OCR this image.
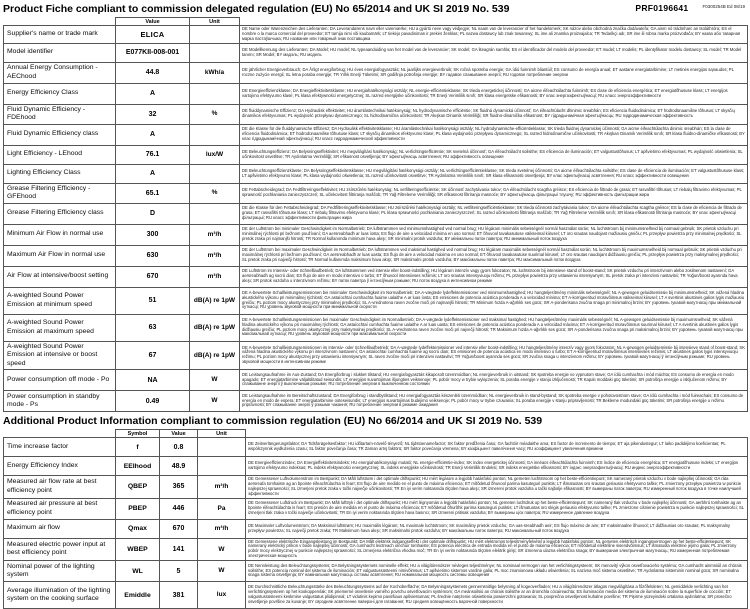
Product Fiche compliant to commission delegated regulation (EU) No 65/2014 and UK SI 2019 No. 539	PRF0196641	F0300254B Ed 08/19
	Value	Unit	
Supplier's name or trade mark	ELICA		DE Name oder Warenzeichen des Lieferanten; DA Leverandørens navn eller varemærke; HU a gyártó neve vagy védjegye; NL naam van de leverancier of het handelsmerk; SK názov alebo obchodná značka dodávateľa; GA ainm nó trádmharc an tsoláthróra; ES el nombre o la marca comercial del proveedor; ET tarnija nimi või kaubamärk; LT tiekėjo pavadinimas ir prekės ženklas; PL nazwa dostawcy lub znak towarowy; SL ime ali znamka proizvajalca; TR Tedarikçi adı; SR ime ili robna marka proizvođača; BY назва або таварная марка пастаўшчыка; RU название или товарный знак поставщика
Model identifier	E077KII-008-001		DE Modellkennung des Lieferanten; DA Model; HU model; NL typeaanduiding van het model van de leverancier; SK model; GA liteagrán samhla; ES el identificador del modelo del proveedor; ET mudel; LT modelis; PL identyfikator modelu dostawcy; SL model; TR Model tanımı; SR Model; BY мадэль; RU модель
Annual Energy Consumption - AEChood	44.8	kWh/a	DE jährlicher Energieverbrauch; DA Årligt energiforbrug; HU éves energiafogyasztás; NL jaarlijks energieverbruik; SK ročná spotreba energie; GA ídiú fuinnimh bliantúil; ES consumo de energía anual; ET aastane energiatarbimine; LT metinės energijos sąnaudos; PL roczne zużycie energii; SL letna poraba energije; TR Yıllık Enerji Tüketimi; SR godišnja potrošnja energije; BY гадавое спажыванне энергіі; RU годовое потребление энергии
Energy Efficiency Class	A		DE Energieeffizienzklasse; DA Energieffektivitetsklasse; HU energiahatékonysági osztály; NL energie-efficiëntieklasse; SK trieda energetickej účinnosti; GA aicme éifeachtúlachta fuinnimh; ES clase de eficiencia energética; ET energiatõhususe klass; LT energijos vartojimo efektyvumo klasė; PL klasa efektywności energetycznej; SL razred energijske učinkovitosti; TR Enerji Verimlilik sınıfı; SR klasa energetske efikasnosti; BY клас энергаэфектыўнасці; RU класс энергоэффективности
Fluid Dynamic Efficiency - FDEhood	32	%	DE fluiddynamische Effizienz; DA Hydraulisk effektivitet; HU áramlástechnikai hatékonyság; NL hydrodynamische efficiëntie; SK fluidná dynamická účinnosť; GA éifeachtúlacht dhinimic sreabhán; ES eficiencia fluidodinámica; ET hüdrodünaamiline tõhusus; LT skysčių dinamikos efektyvumas; PL wydajność przepływu dynamicznego; SL hidrodinamična učinkovitost; TR Akışkan Dinamik Verimliliği; SR fluidno-dinamička efikasnost; BY гідрадынамічная эфектыўнасць; RU гидродинамическая эффективность
Fluid Dynamic Efficiency class	A		DE die Klasse für die fluiddynamische Effizienz; DA Hydraulisk effektivitetsklasse; HU áramlástechnikai hatékonysági osztály; NL hydrodynamische-efficiëntieklasse; SK trieda fluidnej dynamickej účinnosti; GA aicme éifeachtúlachta dinimic sreabhán; ES la clase de eficiencia fluidodinámica; ET hüdrodünaamilise tõhususe klass; LT skysčių dinamikos efektyvumo klasė; PL klasa wydajności przepływu dynamicznego; SL razred hidrodinamične učinkovitosti; TR Akışkan Dinamik Verimlilik sınıfı; SR klasa fluidno-dinamičke efikasnosti; BY клас гідрадынамічнай эфектыўнасці; RU класс гидродинамической эффективности
Light Efficiency - LEhood	76.1	lux/W	DE Beleuchtungseffizienz; DA Belysningseffektivitet; HU megvilágítási hatékonyság; NL verlichtingsefficiëntie; SK svetelná účinnosť; GA éifeachtúlacht soilsithe; ES eficiencia de iluminación; ET valgustustõhusus; LT apšvietimo efektyvumas; PL wydajność oświetlenia; SL učinkovitost osvetlitve; TR Aydınlatma Verimliliği; SR efikasnost osvetljenja; BY эфектыўнасць асвятлення; RU эффективность освещения
Lighting Efficiency Class	A		DE Beleuchtungseffizienzklasse; DA Belysningseffektivitetsklasse; HU megvilágítási hatékonysági osztály; NL verlichtingsefficiëntieklasse; SK trieda svetelnej účinnosti; GA aicme éifeachtúlachta soilsithe; ES clase de eficiencia de iluminación; ET valgustustõhususe klass; LT apšvietimo efektyvumo klasė; PL klasa wydajności oświetlenia; SL razred učinkovitosti osvetlitve; TR Aydınlatma Verimlilik sınıfı; SR klasa efikasnosti osvetljenja; BY клас эфектыўнасці асвятлення; RU класс эффективности освещения
Grease Filtering Efficiency - GFEhood	65.1	%	DE Fettabscheidegrad; DA Fedtfiltreringseffektivitet; HU zsírszűrési hatékonyság; NL vetfilteringsefficiëntie; SK účinnosť zachytávania tukov; GA éifeachtúlacht scagtha gréisce; ES eficiencia de filtrado de grasa; ET rasvafiltri tõhusus; LT riebalų filtravimo efektyvumas; PL sprawność pochłaniania zanieczyszczeń; SL učinkovitost filtriranja maščob; TR Yağ Filtreleme Verimliliği; SR efikasnost filtriranja masnoće; BY эфектыўнасць фільтрацыі тлушчу; RU эффективность фильтрации жира
Grease Filtering Efficiency class	D		DE die Klasse für den Fettabscheidegrad; DA Fedtfiltreringseffektivitetsklasse; HU zsírszűrési hatékonysági osztály; NL vetfilteringsefficiëntieklasse; SK trieda účinnosti zachytávania tukov; GA aicme éifeachtúlachta scagtha gréisce; ES la clase de eficiencia de filtrado de grasa; ET rasvafiltri tõhususe klass; LT riebalų filtravimo efektyvumo klasė; PL klasa sprawności pochłaniania zanieczyszczeń; SL razred učinkovitosti filtriranja maščob; TR Yağ Filtreleme Verimlilik sınıfı; SR klasa efikasnosti filtriranja masnoće; BY клас эфектыўнасці фільтрацыі; RU класс эффективности фильтрации жира
Minimum Air Flow in normal use	300	m³/h	DE der Luftstrom bei minimaler Geschwindigkeit im Normalbetrieb; DA luftstrømmen ved minimumshastighed ved normal brug; HU légáram minimális sebességnél normál használat során; NL luchtstroom bij minimumsnelheid bij normaal gebruik; SK prietok vzduchu pri minimálnej rýchlosti pri bežnom používaní; GA aersreabhadh ar luas íosta; ES flujo de aire a velocidad mínima en uso normal; ET õhuvool tavakasutuse väikseimal kiirusel; LT oro srautas naudojant mažiausiu greičiu; PL przepływ powietrza przy minimalnej prędkości; SL pretok zraka pri najmanjši hitrosti; TR Normal kullanımda minimum hava akışı; SR minimalni protok vazduha; BY мінімальны паток паветра; RU минимальный поток воздуха
Maximum Air Flow in normal use	630	m³/h	DE der Luftstrom bei maximaler Geschwindigkeit im Normalbetrieb; DA luftstrømmen ved maksimal hastighed ved normal brug; HU légáram maximális sebességnél normál használat során; NL luchtstroom bij maximumsnelheid bij normaal gebruik; SK prietok vzduchu pri maximálnej rýchlosti pri bežnom používaní; GA aersreabhadh ar luas uasta; ES flujo de aire a velocidad máxima en uso normal; ET õhuvool tavakasutuse suurimal kiirusel; LT oro srautas naudojant didžiausiu greičiu; PL przepływ powietrza przy maksymalnej prędkości; SL pretok zraka pri največji hitrosti; TR Normal kullanımda maksimum hava akışı; SR maksimalni protok vazduha; BY максімальны паток паветра; RU максимальный поток воздуха
Air Flow at intensive/boost setting	670	m³/h	DE Luftstrom im Intensiv- oder Schnelllaufbetrieb; DA luftstrømmen ved intensiv eller boost-indstilling; HU légáram intenzív vagy gyors fokozaton; NL luchtstroom bij intensieve stand of boost-stand; SK prietok vzduchu pri intenzívnom alebo zosilnenom nastavení; GA aersreabhadh ag socrú dian; ES flujo de aire en modo intensivo o turbo; ET õhuvool intensiivses režiimis; LT oro srautas intensyviuoju režimu; PL przepływ powietrza przy ustawieniu intensywnym; SL pretok zraka pri intenzivni nastavitvi; TR Yoğun/boost ayarında hava akışı; SR protok vazduha u intenzivnom režimu; BY паток паветра ў інтэнсіўным рэжыме; RU поток воздуха в интенсивном режиме
A-weighted Sound Power Emission at minimum speed	51	dB(A) re 1pW	DE A-bewertete Schallleistungsemissionen bei minimaler Geschwindigkeit im Normalbetrieb; DA A-vægtede lydeffektemissioner ved minimumshastighed; HU hangteljesítmény minimális sebességnél; NL A-gewogen geluidsemissie bij minimumsnelheid; SK vážená hladina akustického výkonu pri minimálnej rýchlosti; GA astaíochtaí cumhachta fuaime ualaithe A ar luas íosta; ES emisiones de potencia acústica ponderada A a velocidad mínima; ET A-korrigeeritud müravõimsus väikseimal kiirusel; LT A svertinis akustinės galios lygis mažiausiu greičiu; PL poziom mocy akustycznej przy minimalnej prędkości; SL A-vrednotena raven zvočne moči pri najmanjši hitrosti; TR Minimum hızda A-ağırlıklı ses gücü; SR A-ponderisana zvučna snaga pri minimalnoj brzini; BY узровень гукавой магутнасці пры мінімальнай хуткасці; RU уровень звуковой мощности при минимальной скорости
A-weighted Sound Power Emission at maximum speed	63	dB(A) re 1pW	DE A-bewertete Schallleistungsemissionen bei maximaler Geschwindigkeit im Normalbetrieb; DA A-vægtede lydeffektemissioner ved maksimal hastighed; HU hangteljesítmény maximális sebességnél; NL A-gewogen geluidsemissie bij maximumsnelheid; SK vážená hladina akustického výkonu pri maximálnej rýchlosti; GA astaíochtaí cumhachta fuaime ualaithe A ar luas uasta; ES emisiones de potencia acústica ponderada A a velocidad máxima; ET A-korrigeeritud müravõimsus suurimal kiirusel; LT A svertinis akustinės galios lygis didžiausiu greičiu; PL poziom mocy akustycznej przy maksymalnej prędkości; SL A-vrednotena raven zvočne moči pri največji hitrosti; TR Maksimum hızda A-ağırlıklı ses gücü; SR A-ponderisana zvučna snaga pri maksimalnoj brzini; BY узровень гукавой магутнасці пры максімальнай хуткасці; RU уровень звуковой мощности при максимальной скорости
A-weighted Sound Power Emission at intensive or boost speed	67	dB(A) re 1pW	DE A-bewertete Schallleistungsemissionen im Intensiv- oder Schnelllaufbetrieb; DA A-vægtede lydeffektemissioner ved intensiv eller boost-indstilling; HU hangteljesítmény intenzív vagy gyors fokozaton; NL A-gewogen geluidsemissie bij intensieve stand of boost-stand; SK vážená hladina akustického výkonu pri intenzívnom nastavení; GA astaíochtaí cumhachta fuaime ag socrú dian; ES emisiones de potencia acústica en modo intensivo o turbo; ET A-korrigeeritud müravõimsus intensiivses režiimis; LT akustinės galios lygis intensyviuoju režimu; PL poziom mocy akustycznej przy ustawieniu intensywnym; SL raven zvočne moči pri intenzivni nastavitvi; TR Yoğun/boost ayarında ses gücü; SR zvučna snaga u intenzivnom režimu; BY узровень гукавой магутнасці ў інтэнсіўным рэжыме; RU уровень звуковой мощности в интенсивном режиме
Power consumption off mode - Po	NA	W	DE Leistungsaufnahme im Aus-Zustand; DA Energiforbrug i slukket tilstand; HU energiafogyasztás kikapcsolt üzemmódban; NL energieverbruik in uitstand; SK spotreba energie vo vypnutom stave; GA ídiú cumhachta i mód múchta; ES consumo de energía en modo apagado; ET energiatarbimine väljalülitatud seisundis; LT energijos suvartojimas išjungties veiksenoje; PL pobór mocy w trybie wyłączenia; SL poraba energije v stanju izključenosti; TR Kapalı moddaki güç tüketimi; SR potrošnja energije u isključenom režimu; BY спажыванне энергіі ў выключаным рэжыме; RU потребление энергии в выключенном состоянии
Power consumption in standby mode - Ps	0.49	W	DE Leistungsaufnahme im Bereitschaftszustand; DA Energiforbrug i standbytilstand; HU energiafogyasztás készenléti üzemmódban; NL energieverbruik in stand-bystand; SK spotreba energie v pohotovostnom stave; GA ídiú cumhachta i mód fuireachais; ES consumo de energía en modo de espera; ET energiatarbimine ooteseisundis; LT energijos suvartojimas budėjimo veiksenoje; PL pobór mocy w trybie czuwania; SL poraba energije v stanju pripravljenosti; TR Bekleme modundaki güç tüketimi; SR potrošnja energije u režimu pripravnosti; BY спажыванне энергіі ў рэжыме чакання; RU потребление энергии в режиме ожидания
Additional Product Information compliant to commission regulation (EU) No 66/2014 and UK SI 2019 No. 539
	Symbol	Value	Unit	
Time increase factor	f	0.8		DE Zeitverlängerungsfaktor; DA Tidsforøgelsesfaktor; HU időtartam-növelő tényező; NL tijdstoenamefactor; SK faktor predĺženia času; GA fachtóir méadaithe ama; ES factor de incremento de tiempo; ET aja pikendustegur; LT laiko padidėjimo koeficientas; PL współczynnik wydłużenia czasu; SL faktor povečanja časa; TR Zaman artış faktörü; SR faktor povećanja vremena; BY каэфіцыент павелічэння часу; RU коэффициент увеличения времени
Energy Efficiency Index	EEIhood	48.9		DE Energieeffizienzindex; DA Energieffektivitetsindeks; HU energiahatékonysági mutató; NL energie-efficiëntie-index; SK index energetickej účinnosti; GA innéacs éifeachtúlachta fuinnimh; ES índice de eficiencia energética; ET energiatõhususe indeks; LT energijos vartojimo efektyvumo indeksas; PL indeks efektywności energetycznej; SL indeks energijske učinkovitosti; TR Enerji Verimlilik Endeksi; SR indeks energetske efikasnosti; BY індэкс энергаэфектыўнасці; RU индекс энергоэффективности
Measured air flow rate at best efficiency point	QBEP	365	m³/h	DE Gemessener Luftvolumenstrom im Bestpunkt; DA Målt luftstrøm i det optimale driftspunkt; HU mért légáram a legjobb hatásfokú ponton; NL gemeten luchtstroom op het beste-efficiëntiepunt; SK nameraný prietok vzduchu v bode najlepšej účinnosti; GA ráta aersreafa tomhaiste ag an bpointe éifeachtúlachta is fearr; ES flujo de aire medido en el punto de máxima eficiencia; ET mõõdetud õhuvool parima kasuteguri punktis; LT išmatuotas oro srautas geriausio efektyvumo taške; PL zmierzony przepływ powietrza w punkcie najlepszej sprawności; SL izmerjeni pretok zraka v točki največje učinkovitosti; TR En iyi verim noktasında ölçülen hava akışı; SR izmereni protok vazduha u tački najbolje efikasnosti; BY вымераны паток паветра; RU измеренный поток воздуха в точке наилучшей эффективности
Measured air pressure at best efficiency point	PBEP	446	Pa	DE Gemessener Luftdruck im Bestpunkt; DA Målt lufttryk i det optimale driftspunkt; HU mért légnyomás a legjobb hatásfokú ponton; NL gemeten luchtdruk op het beste-efficiëntiepunt; SK nameraný tlak vzduchu v bode najlepšej účinnosti; GA aerbhrú tomhaiste ag an bpointe éifeachtúlachta is fearr; ES presión de aire medida en el punto de máxima eficiencia; ET mõõdetud õhurõhk parima kasuteguri punktis; LT išmatuotas oro slėgis geriausio efektyvumo taške; PL zmierzone ciśnienie powietrza w punkcie najlepszej sprawności; SL izmerjeni tlak zraka v točki največje učinkovitosti; TR En iyi verim noktasında ölçülen hava basıncı; SR izmereni pritisak vazduha; BY вымераны ціск паветра; RU измеренное давление воздуха
Maximum air flow	Qmax	670	m³/h	DE Maximaler Luftvolumenstrom; DA Maksimal luftstrøm; HU maximális légáram; NL maximale luchtstroom; SK maximálny prietok vzduchu; GA uas-sreabhadh aeir; ES flujo máximo de aire; ET maksimaalne õhuvool; LT didžiausias oro srautas; PL maksymalny przepływ powietrza; SL največji pretok zraka; TR Maksimum hava akışı; SR maksimalni protok vazduha; BY максімальны паток паветра; RU максимальный поток воздуха
Measured electric power input at best efficiency point	WBEP	141	W	DE Gemessene elektrische Eingangsleistung im Bestpunkt; DA Målt elektrisk indgangseffekt i det optimale driftspunkt; HU mért elektromos teljesítményfelvétel a legjobb hatásfokú ponton; NL gemeten elektrisch ingangsvermogen op het beste-efficiëntiepunt; SK nameraný elektrický príkon v bode najlepšej účinnosti; GA cumhacht leictreach ionchuir tomhaiste; ES potencia eléctrica de entrada medida en el punto de máxima eficiencia; ET mõõdetud elektriline sisendvõimsus; LT išmatuota elektrinė įėjimo galia; PL zmierzony pobór mocy elektrycznej w punkcie najlepszej sprawności; SL izmerjena električna vhodna moč; TR En iyi verim noktasında ölçülen elektrik girişi; SR izmerena ulazna električna snaga; BY вымераная электрычная магутнасць; RU измеренная потребляемая электрическая мощность
Nominal power of the lighting system	WL	5	W	DE Nennleistung des Beleuchtungssystems; DA Belysningssystemets nominelle effekt; HU a világítórendszer névleges teljesítménye; NL nominaal vermogen van het verlichtingssysteem; SK menovitý výkon osvetľovacieho systému; GA cumhacht ainmniúil an chórais soilsithe; ES potencia nominal del sistema de iluminación; ET valgustussüsteemi nimivõimsus; LT apšvietimo sistemos vardinė galia; PL moc znamionowa układu oświetlenia; SL nazivna moč sistema osvetlitve; TR Aydınlatma sisteminin nominal gücü; SR nominalna snaga sistema osvetljenja; BY намінальная магутнасць сістэмы асвятлення; RU номинальная мощность системы освещения
Average illumination of the lighting system on the cooking surface	Emiddle	381	lux	DE Durchschnittliche Beleuchtungsstärke des Beleuchtungssystems auf der Kochoberfläche; DA Belysningssystemets gennemsnitlige belysning af kogeoverfladen; HU a világítórendszer átlagos megvilágítása a főzőfelületen; NL gemiddelde verlichting van het verlichtingssysteem op het kookoppervlak; SK priemerné osvetlenie varného povrchu osvetľovacím systémom; GA meánsoilsiú an chórais soilsithe ar an dromchla cócaireachta; ES iluminación media del sistema de iluminación sobre la superficie de cocción; ET valgustussüsteemi keskmine valgustatus pliidipinnal; LT vidutinis kepimo paviršiaus apšviestumas; PL średnie natężenie oświetlenia powierzchni gotowania; SL povprečna osvetljenost kuhalne površine; TR Pişirme yüzeyindeki ortalama aydınlatma; SR prosečno osvetljenje površine za kuvanje; BY сярэдняе асвятленне паверхні для гатавання; RU средняя освещённость варочной поверхности
